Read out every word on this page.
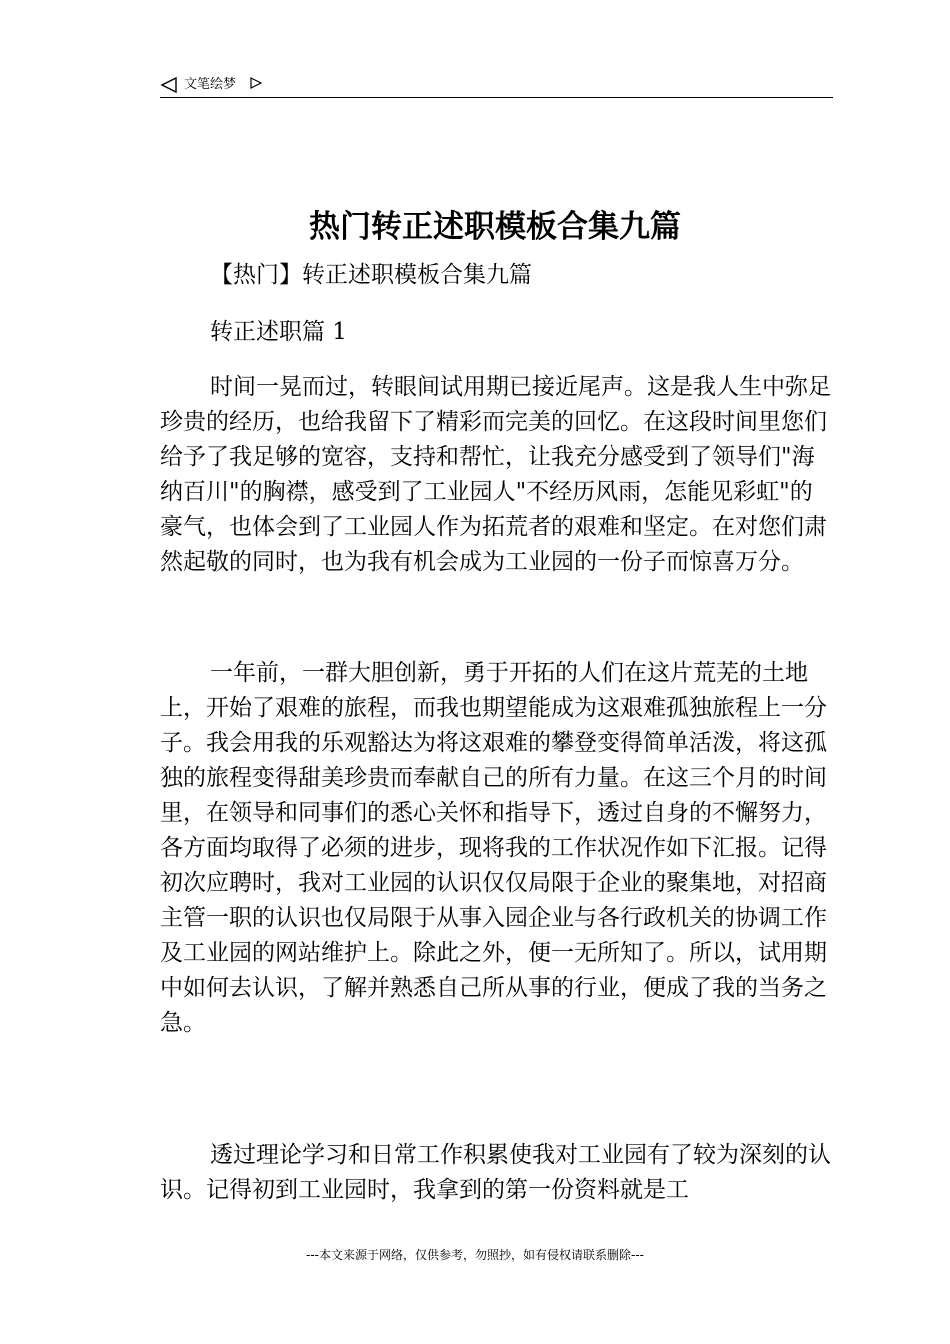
文笔绘梦
热门转正述职模板合集九篇
【热门】转正述职模板合集九篇
转正述职篇 1

时间一晃而过，转眼间试用期已接近尾声。这是我人生中弥足珍贵的经历，也给我留下了精彩而完美的回忆。在这段时间里您们给予了我足够的宽容，支持和帮忙，让我充分感受到了领导们"海纳百川"的胸襟，感受到了工业园人"不经历风雨，怎能见彩虹"的豪气，也体会到了工业园人作为拓荒者的艰难和坚定。在对您们肃然起敬的同时，也为我有机会成为工业园的一份子而惊喜万分。

一年前，一群大胆创新，勇于开拓的人们在这片荒芜的土地上，开始了艰难的旅程，而我也期望能成为这艰难孤独旅程上一分子。我会用我的乐观豁达为将这艰难的攀登变得简单活泼，将这孤独的旅程变得甜美珍贵而奉献自己的所有力量。在这三个月的时间里，在领导和同事们的悉心关怀和指导下，透过自身的不懈努力，各方面均取得了必须的进步，现将我的工作状况作如下汇报。记得初次应聘时，我对工业园的认识仅仅局限于企业的聚集地，对招商主管一职的认识也仅局限于从事入园企业与各行政机关的协调工作及工业园的网站维护上。除此之外，便一无所知了。所以，试用期中如何去认识，了解并熟悉自己所从事的行业，便成了我的当务之急。

透过理论学习和日常工作积累使我对工业园有了较为深刻的认识。记得初到工业园时，我拿到的第一份资料就是工

---本文来源于网络，仅供参考，勿照抄，如有侵权请联系删除---
